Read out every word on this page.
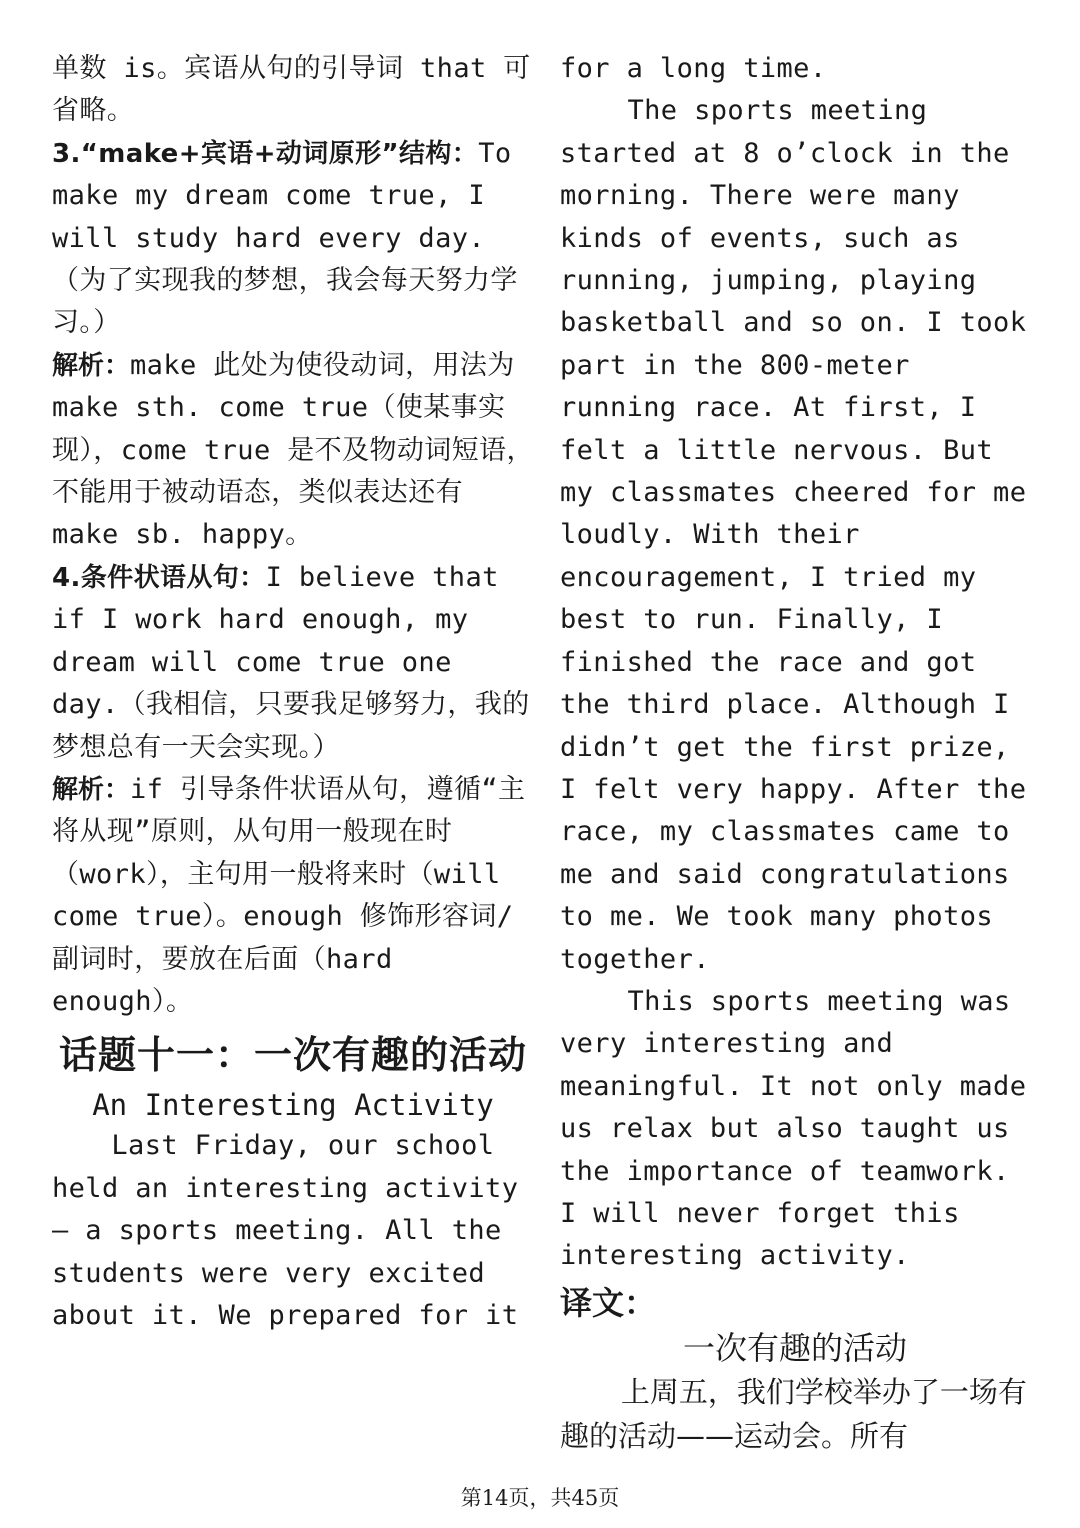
单数 is。宾语从句的引导词 that 可省略。

3.“make+宾语+动词原形”结构：To make my dream come true, I will study hard every day.（为了实现我的梦想，我会每天努力学习。）

解析：make 此处为使役动词，用法为 make sth. come true（使某事实现），come true 是不及物动词短语，不能用于被动语态，类似表达还有 make sb. happy。

4.条件状语从句：I believe that if I work hard enough, my dream will come true one day.（我相信，只要我足够努力，我的梦想总有一天会实现。）

解析：if 引导条件状语从句，遵循“主将从现”原则，从句用一般现在时（work），主句用一般将来时（will come true）。enough 修饰形容词/副词时，要放在后面（hard enough）。

话题十一：一次有趣的活动

An Interesting Activity

Last Friday, our school held an interesting activity — a sports meeting. All the students were very excited about it. We prepared for it

for a long time.

The sports meeting started at 8 o’clock in the morning. There were many kinds of events, such as running, jumping, playing basketball and so on. I took part in the 800-meter running race. At first, I felt a little nervous. But my classmates cheered for me loudly. With their encouragement, I tried my best to run. Finally, I finished the race and got the third place. Although I didn’t get the first prize, I felt very happy. After the race, my classmates came to me and said congratulations to me. We took many photos together.

This sports meeting was very interesting and meaningful. It not only made us relax but also taught us the importance of teamwork. I will never forget this interesting activity.

译文：

一次有趣的活动

上周五，我们学校举办了一场有趣的活动——运动会。所有

第14页，共45页
